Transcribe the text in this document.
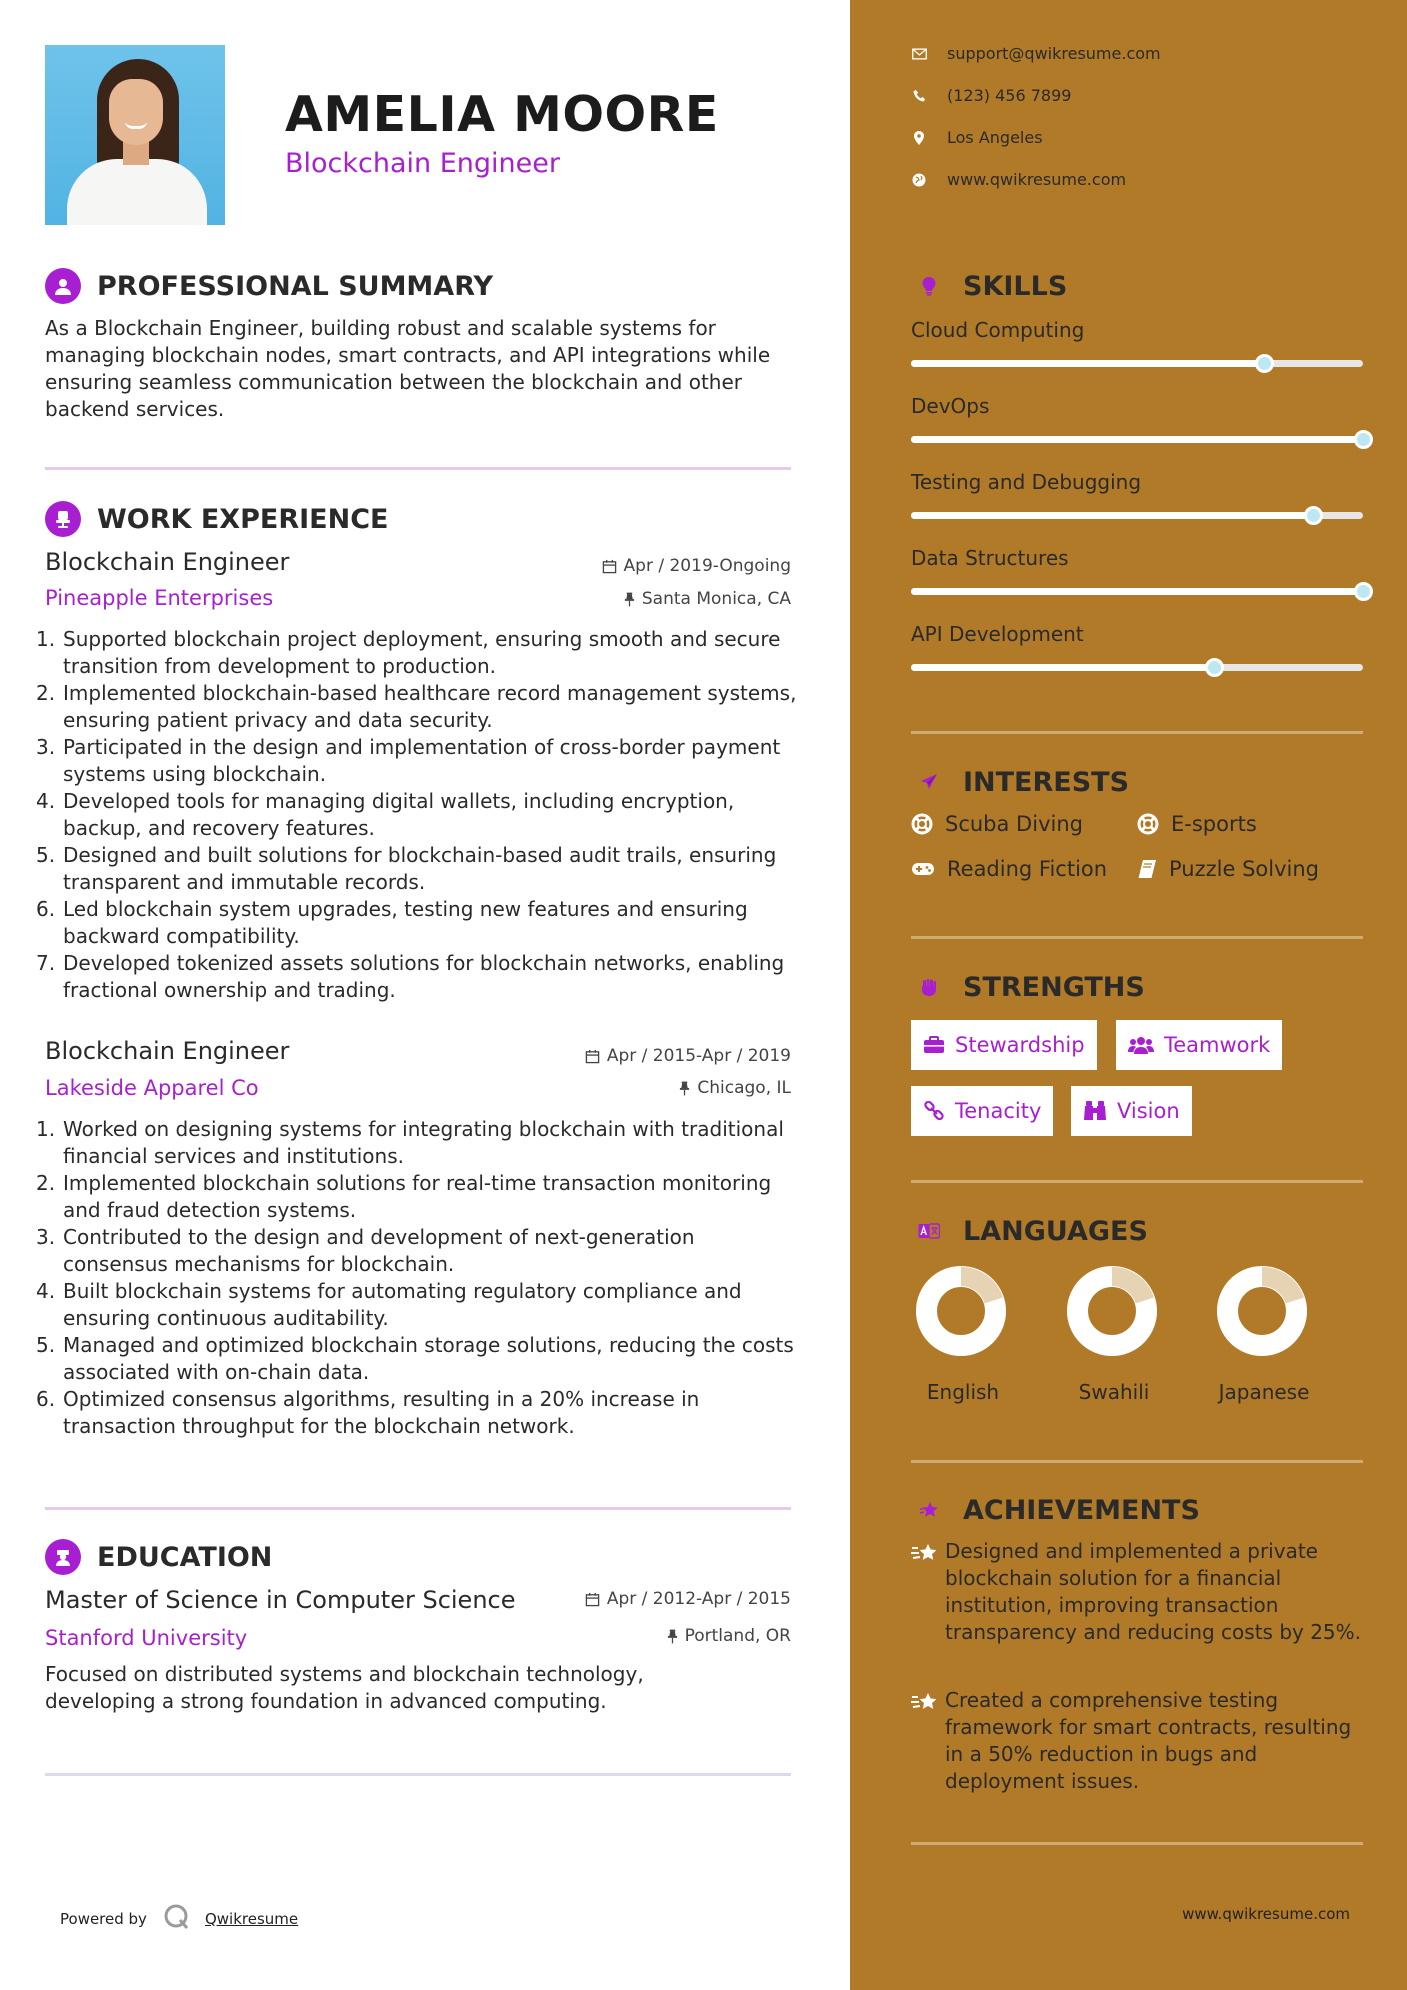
AMELIA MOORE
Blockchain Engineer
PROFESSIONAL SUMMARY
As a Blockchain Engineer, building robust and scalable systems for managing blockchain nodes, smart contracts, and API integrations while ensuring seamless communication between the blockchain and other backend services.
WORK EXPERIENCE
Blockchain Engineer
Pineapple Enterprises
Apr / 2019-Ongoing
Santa Monica, CA
1. Supported blockchain project deployment, ensuring smooth and secure transition from development to production.
2. Implemented blockchain-based healthcare record management systems, ensuring patient privacy and data security.
3. Participated in the design and implementation of cross-border payment systems using blockchain.
4. Developed tools for managing digital wallets, including encryption, backup, and recovery features.
5. Designed and built solutions for blockchain-based audit trails, ensuring transparent and immutable records.
6. Led blockchain system upgrades, testing new features and ensuring backward compatibility.
7. Developed tokenized assets solutions for blockchain networks, enabling fractional ownership and trading.
Blockchain Engineer
Lakeside Apparel Co
Apr / 2015-Apr / 2019
Chicago, IL
1. Worked on designing systems for integrating blockchain with traditional financial services and institutions.
2. Implemented blockchain solutions for real-time transaction monitoring and fraud detection systems.
3. Contributed to the design and development of next-generation consensus mechanisms for blockchain.
4. Built blockchain systems for automating regulatory compliance and ensuring continuous auditability.
5. Managed and optimized blockchain storage solutions, reducing the costs associated with on-chain data.
6. Optimized consensus algorithms, resulting in a 20% increase in transaction throughput for the blockchain network.
EDUCATION
Master of Science in Computer Science
Stanford University
Apr / 2012-Apr / 2015
Portland, OR
Focused on distributed systems and blockchain technology, developing a strong foundation in advanced computing.
Powered by	Qwikresume
support@qwikresume.com
(123) 456 7899
Los Angeles
www.qwikresume.com
SKILLS
Cloud Computing
DevOps
Testing and Debugging
Data Structures
API Development
INTERESTS
Scuba Diving	E-sports
Reading Fiction	Puzzle Solving
STRENGTHS
Stewardship	Teamwork
Tenacity	Vision
LANGUAGES
English	Swahili	Japanese
ACHIEVEMENTS
Designed and implemented a private blockchain solution for a financial institution, improving transaction transparency and reducing costs by 25%.
Created a comprehensive testing framework for smart contracts, resulting in a 50% reduction in bugs and deployment issues.
www.qwikresume.com
